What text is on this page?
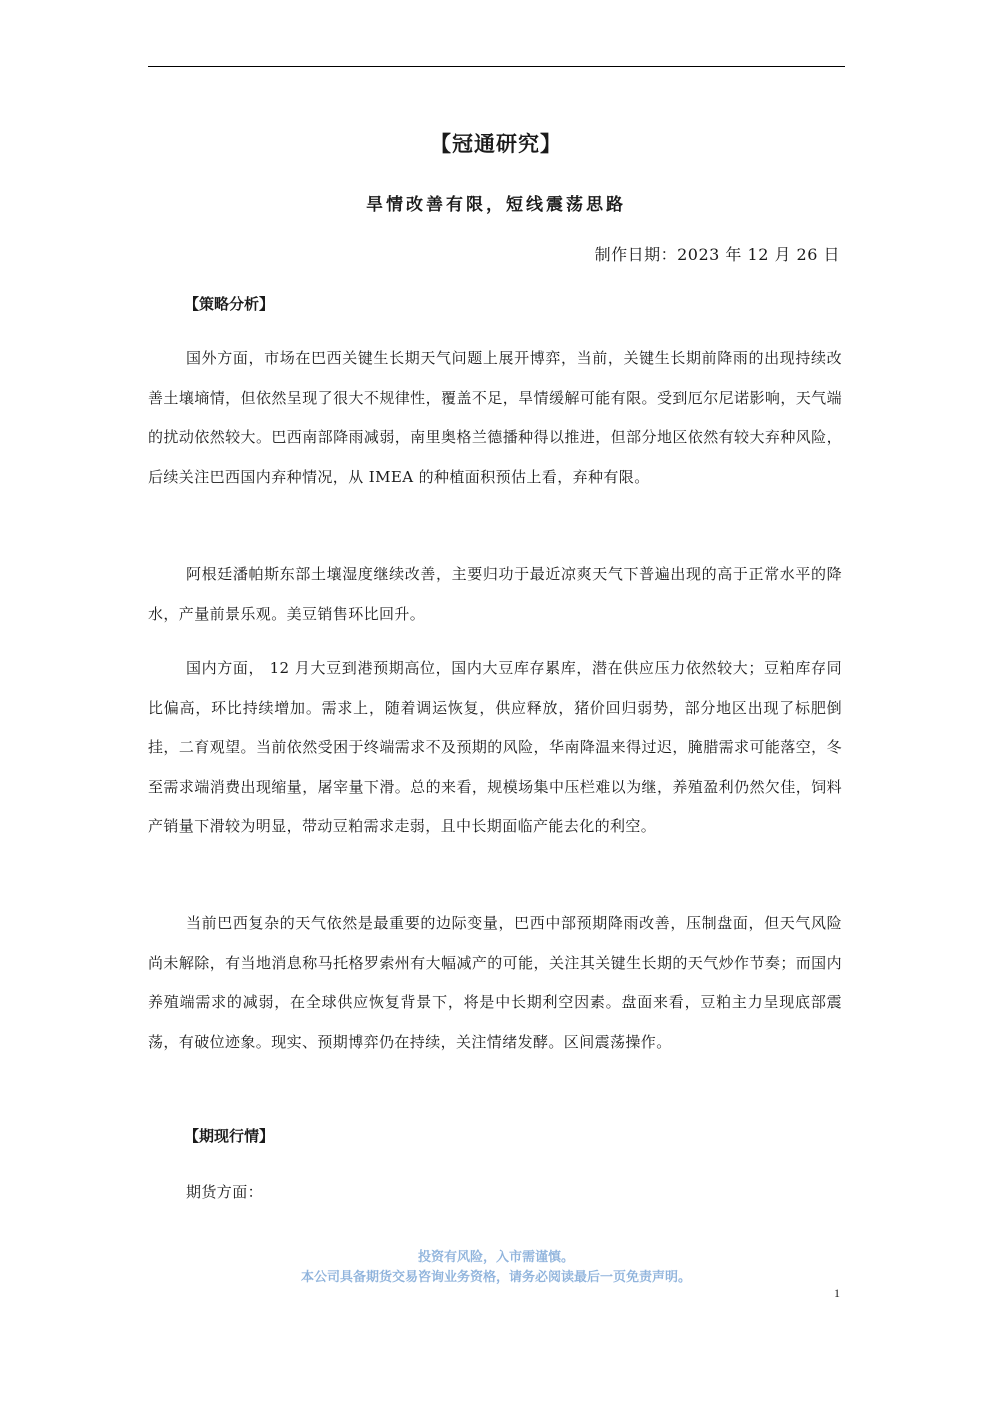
【冠通研究】
旱情改善有限，短线震荡思路
制作日期：2023 年 12 月 26 日
【策略分析】

国外方面，市场在巴西关键生长期天气问题上展开博弈，当前，关键生长期前降雨的出现持续改善土壤墒情，但依然呈现了很大不规律性，覆盖不足，旱情缓解可能有限。受到厄尔尼诺影响，天气端的扰动依然较大。巴西南部降雨减弱，南里奥格兰德播种得以推进，但部分地区依然有较大弃种风险，后续关注巴西国内弃种情况，从 IMEA 的种植面积预估上看，弃种有限。

阿根廷潘帕斯东部土壤湿度继续改善，主要归功于最近凉爽天气下普遍出现的高于正常水平的降水，产量前景乐观。美豆销售环比回升。

国内方面， 12 月大豆到港预期高位，国内大豆库存累库，潜在供应压力依然较大；豆粕库存同比偏高，环比持续增加。需求上，随着调运恢复，供应释放，猪价回归弱势，部分地区出现了标肥倒挂，二育观望。当前依然受困于终端需求不及预期的风险，华南降温来得过迟，腌腊需求可能落空，冬至需求端消费出现缩量，屠宰量下滑。总的来看，规模场集中压栏难以为继，养殖盈利仍然欠佳，饲料产销量下滑较为明显，带动豆粕需求走弱，且中长期面临产能去化的利空。

当前巴西复杂的天气依然是最重要的边际变量，巴西中部预期降雨改善，压制盘面，但天气风险尚未解除，有当地消息称马托格罗索州有大幅减产的可能，关注其关键生长期的天气炒作节奏；而国内养殖端需求的减弱，在全球供应恢复背景下，将是中长期利空因素。盘面来看，豆粕主力呈现底部震荡，有破位迹象。现实、预期博弈仍在持续，关注情绪发酵。区间震荡操作。

【期现行情】
期货方面：
投资有风险，入市需谨慎。
本公司具备期货交易咨询业务资格，请务必阅读最后一页免责声明。
1
